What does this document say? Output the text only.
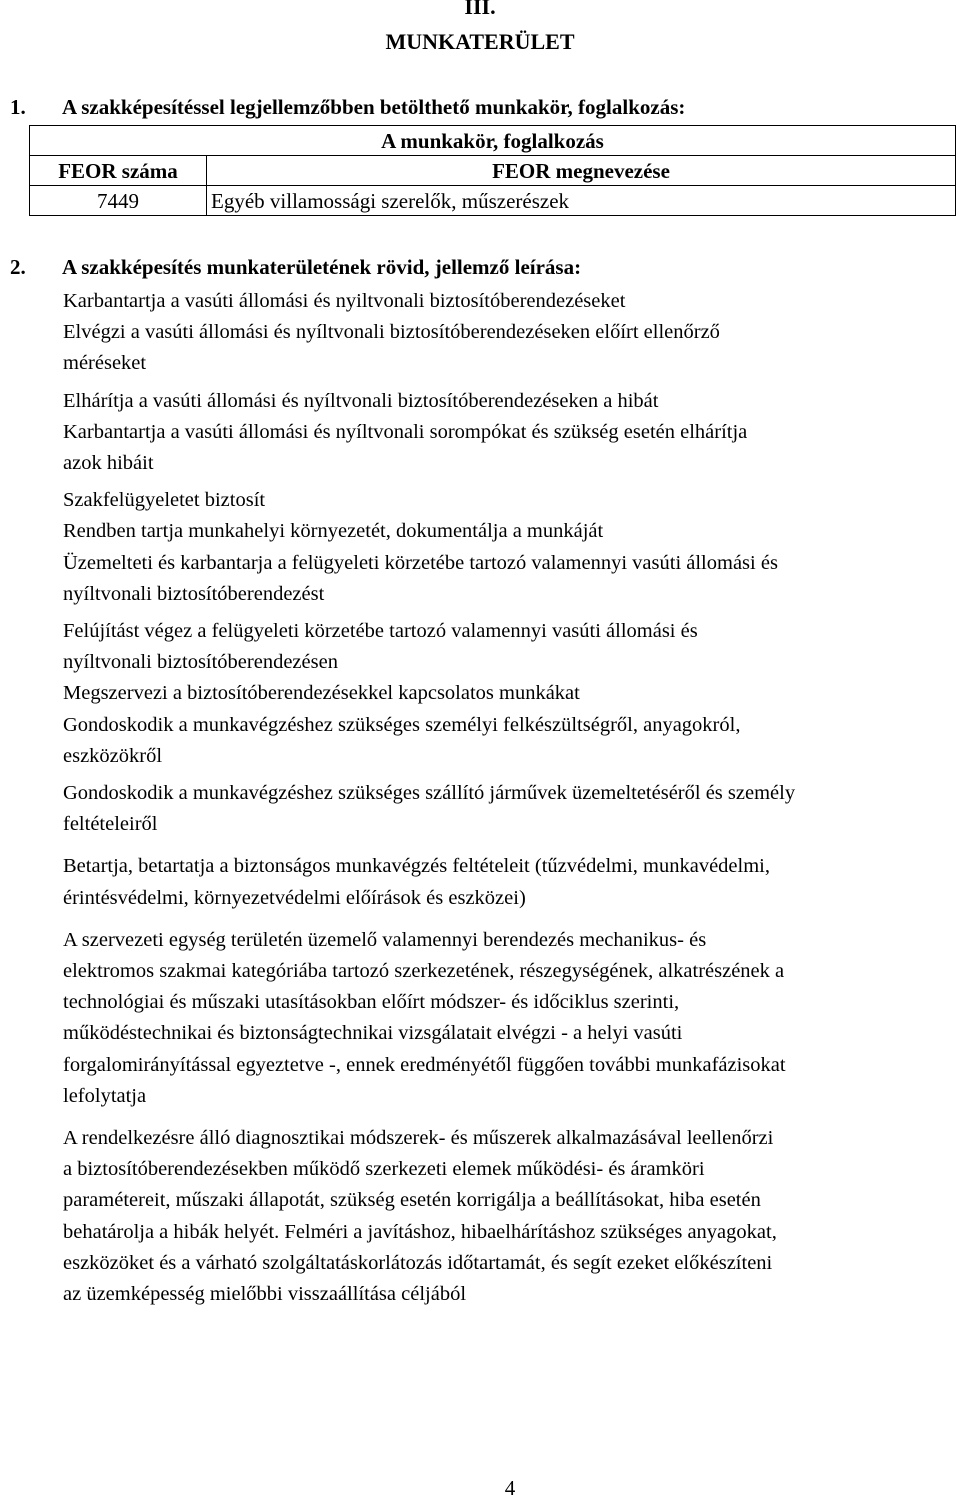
III.
MUNKATERÜLET
1. A szakképesítéssel legjellemzőbben betölthető munkakör, foglalkozás:
A munkakör, foglalkozás	
FEOR száma	FEOR megnevezése
7449	Egyéb villamossági szerelők, műszerészek
2. A szakképesítés munkaterületének rövid, jellemző leírása:

Karbantartja a vasúti állomási és nyiltvonali biztosítóberendezéseket

Elvégzi a vasúti állomási és nyíltvonali biztosítóberendezéseken előírt ellenőrző

méréseket

Elhárítja a vasúti állomási és nyíltvonali biztosítóberendezéseken a hibát

Karbantartja a vasúti állomási és nyíltvonali sorompókat és szükség esetén elhárítja

azok hibáit

Szakfelügyeletet biztosít

Rendben tartja munkahelyi környezetét, dokumentálja a munkáját

Üzemelteti és karbantarja a felügyeleti körzetébe tartozó valamennyi vasúti állomási és

nyíltvonali biztosítóberendezést

Felújítást végez a felügyeleti körzetébe tartozó valamennyi vasúti állomási és

nyíltvonali biztosítóberendezésen

Megszervezi a biztosítóberendezésekkel kapcsolatos munkákat

Gondoskodik a munkavégzéshez szükséges személyi felkészültségről, anyagokról,

eszközökről

Gondoskodik a munkavégzéshez szükséges szállító járművek üzemeltetéséről és személy

feltételeiről

Betartja, betartatja a biztonságos munkavégzés feltételeit (tűzvédelmi, munkavédelmi,

érintésvédelmi, környezetvédelmi előírások és eszközei)

A szervezeti egység területén üzemelő valamennyi berendezés mechanikus- és

elektromos szakmai kategóriába tartozó szerkezetének, részegységének, alkatrészének a

technológiai és műszaki utasításokban előírt módszer- és időciklus szerinti,

működéstechnikai és biztonságtechnikai vizsgálatait elvégzi - a helyi vasúti

forgalomirányítással egyeztetve -, ennek eredményétől függően további munkafázisokat

lefolytatja

A rendelkezésre álló diagnosztikai módszerek- és műszerek alkalmazásával leellenőrzi

a biztosítóberendezésekben működő szerkezeti elemek működési- és áramköri

paramétereit, műszaki állapotát, szükség esetén korrigálja a beállításokat, hiba esetén

behatárolja a hibák helyét. Felméri a javításhoz, hibaelhárításhoz szükséges anyagokat,

eszközöket és a várható szolgáltatáskorlátozás időtartamát, és segít ezeket előkészíteni

az üzemképesség mielőbbi visszaállítása céljából

4
